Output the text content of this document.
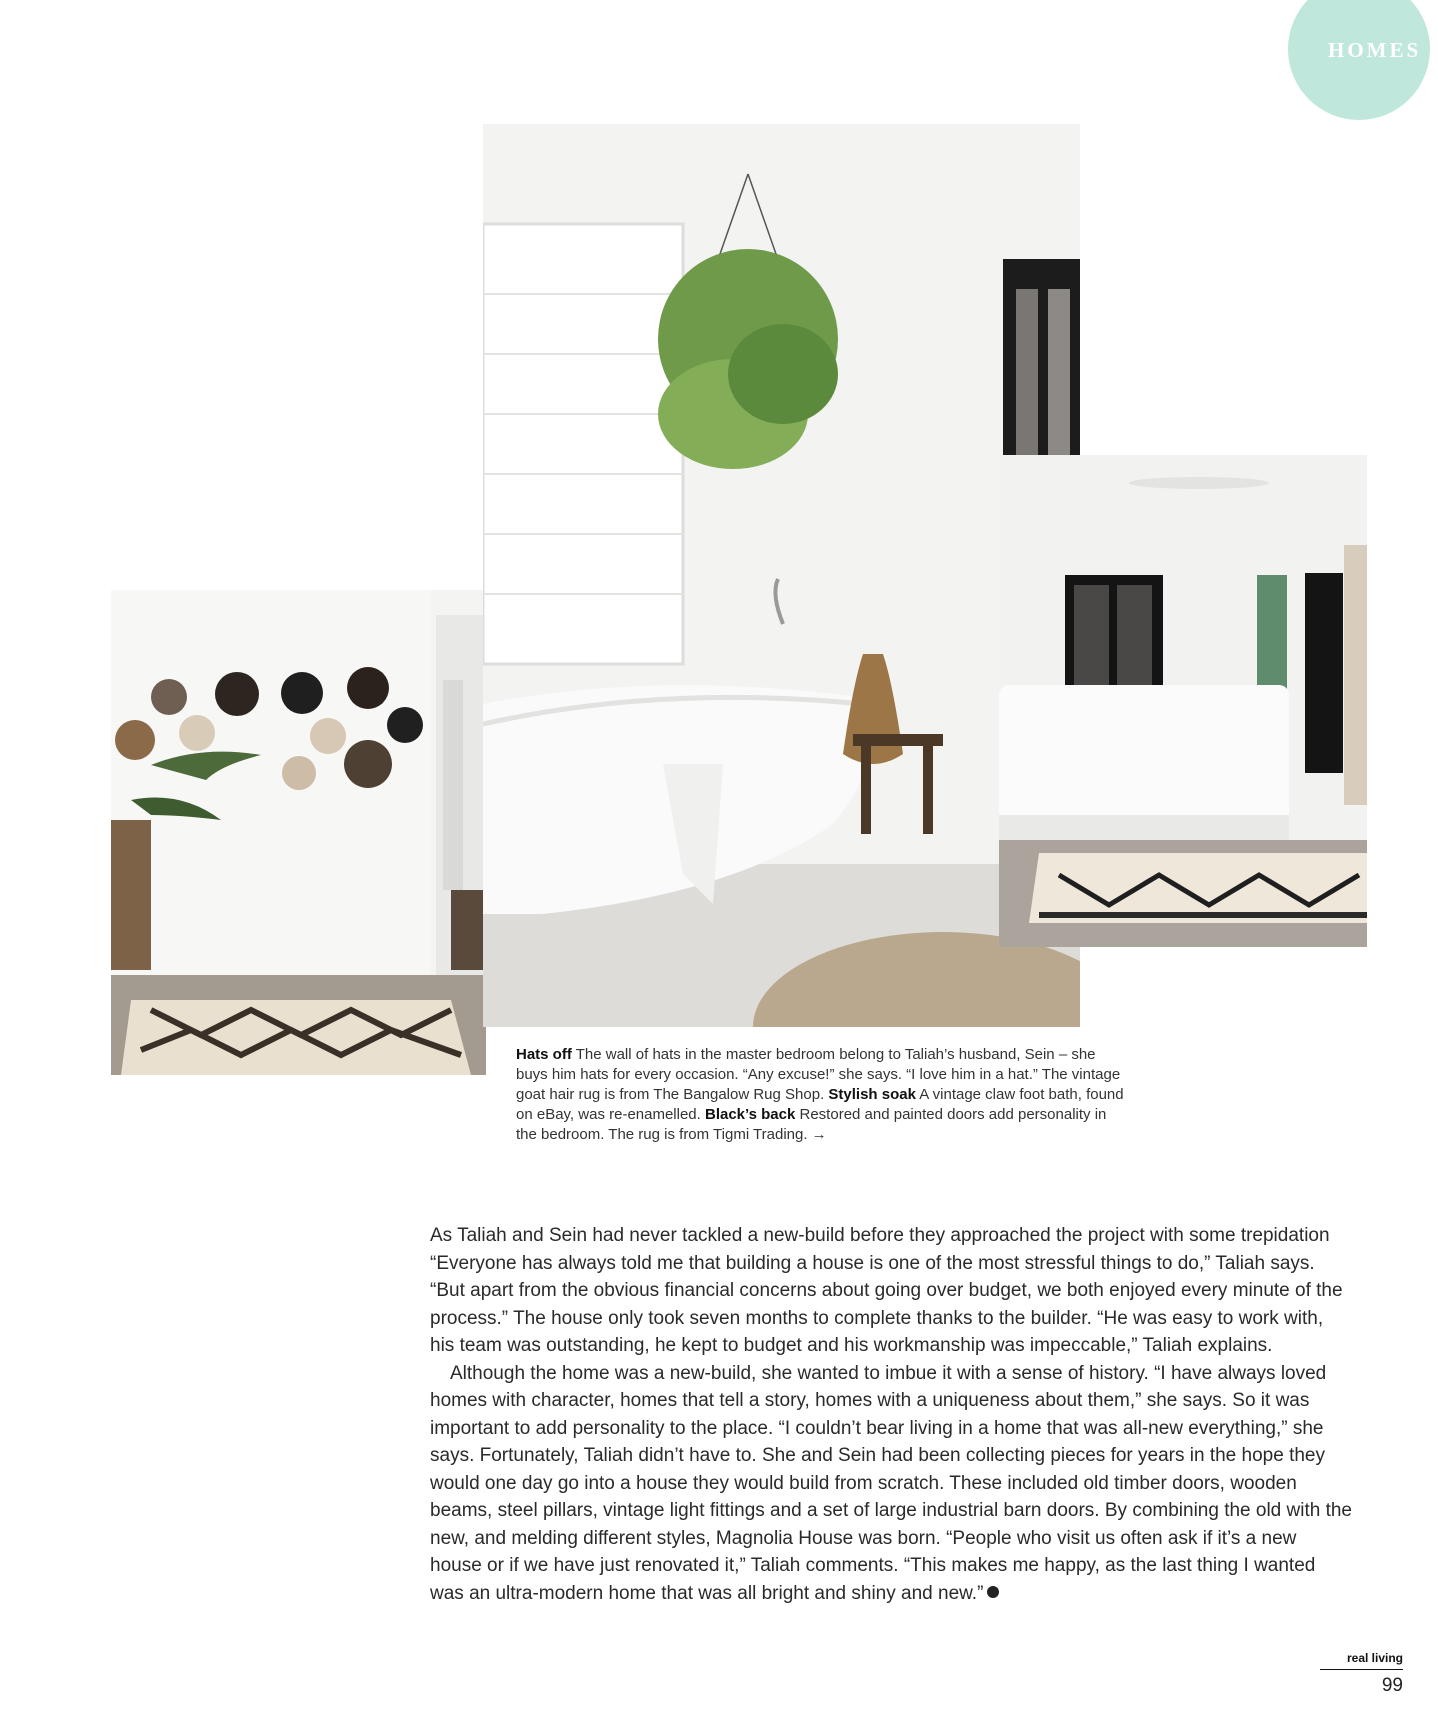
HOMES
Hats off The wall of hats in the master bedroom belong to Taliah’s husband, Sein – she buys him hats for every occasion. “Any excuse!” she says. “I love him in a hat.” The vintage goat hair rug is from The Bangalow Rug Shop. Stylish soak A vintage claw foot bath, found on eBay, was re-enamelled. Black’s back Restored and painted doors add personality in the bedroom. The rug is from Tigmi Trading. →

As Taliah and Sein had never tackled a new-build before they approached the project with some trepidation “Everyone has always told me that building a house is one of the most stressful things to do,” Taliah says. “But apart from the obvious financial concerns about going over budget, we both enjoyed every minute of the process.” The house only took seven months to complete thanks to the builder. “He was easy to work with, his team was outstanding, he kept to budget and his workmanship was impeccable,” Taliah explains.

Although the home was a new-build, she wanted to imbue it with a sense of history. “I have always loved homes with character, homes that tell a story, homes with a uniqueness about them,” she says. So it was important to add personality to the place. “I couldn’t bear living in a home that was all-new everything,” she says. Fortunately, Taliah didn’t have to. She and Sein had been collecting pieces for years in the hope they would one day go into a house they would build from scratch. These included old timber doors, wooden beams, steel pillars, vintage light fittings and a set of large industrial barn doors. By combining the old with the new, and melding different styles, Magnolia House was born. “People who visit us often ask if it’s a new house or if we have just renovated it,” Taliah comments. “This makes me happy, as the last thing I wanted was an ultra-modern home that was all bright and shiny and new.”

real living
99
